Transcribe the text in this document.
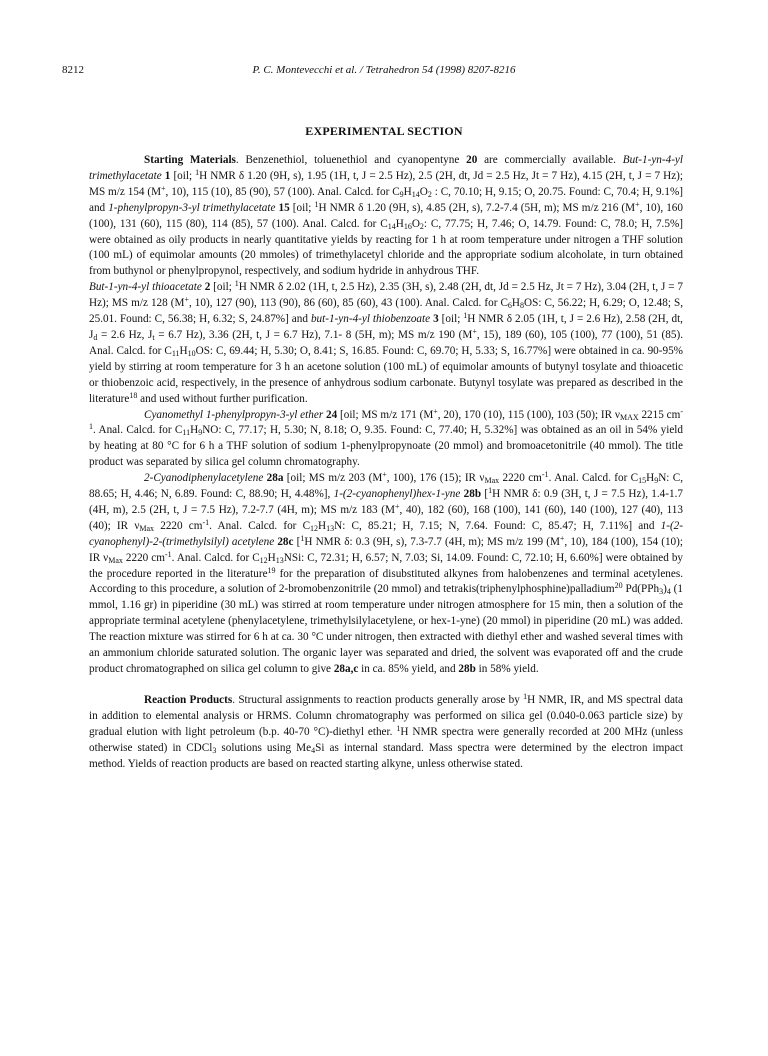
8212	P. C. Montevecchi et al. / Tetrahedron 54 (1998) 8207-8216
EXPERIMENTAL SECTION

Starting Materials. Benzenethiol, toluenethiol and cyanopentyne 20 are commercially available. But-1-yn-4-yl trimethylacetate 1 [oil; $^1$H NMR δ 1.20 (9H, s), 1.95 (1H, t, J = 2.5 Hz), 2.5 (2H, dt, Jd = 2.5 Hz, Jt = 7 Hz), 4.15 (2H, t, J = 7 Hz); MS m/z 154 (M+, 10), 115 (10), 85 (90), 57 (100). Anal. Calcd. for $C_9H_{14}O_2$ : C, 70.10; H, 9.15; O, 20.75. Found: C, 70.4; H, 9.1%] and 1-phenylpropyn-3-yl trimethylacetate 15 [oil; $^1$H NMR δ 1.20 (9H, s), 4.85 (2H, s), 7.2-7.4 (5H, m); MS m/z 216 (M+, 10), 160 (100), 131 (60), 115 (80), 114 (85), 57 (100). Anal. Calcd. for $C_{14}H_{16}O_2$: C, 77.75; H, 7.46; O, 14.79. Found: C, 78.0; H, 7.5%] were obtained as oily products in nearly quantitative yields by reacting for 1 h at room temperature under nitrogen a THF solution (100 mL) of equimolar amounts (20 mmoles) of trimethylacetyl chloride and the appropriate sodium alcoholate, in turn obtained from buthynol or phenylpropynol, respectively, and sodium hydride in anhydrous THF.

But-1-yn-4-yl thioacetate 2 [oil; $^1$H NMR δ 2.02 (1H, t, 2.5 Hz), 2.35 (3H, s), 2.48 (2H, dt, Jd = 2.5 Hz, Jt = 7 Hz), 3.04 (2H, t, J = 7 Hz); MS m/z 128 (M+, 10), 127 (90), 113 (90), 86 (60), 85 (60), 43 (100). Anal. Calcd. for $C_6H_8OS$: C, 56.22; H, 6.29; O, 12.48; S, 25.01. Found: C, 56.38; H, 6.32; S, 24.87%] and but-1-yn-4-yl thiobenzoate 3 [oil; $^1$H NMR δ 2.05 (1H, t, J = 2.6 Hz), 2.58 (2H, dt, $J_d = 2.6$ Hz, $J_t = 6.7$ Hz), 3.36 (2H, t, J = 6.7 Hz), 7.1- 8 (5H, m); MS m/z 190 (M+, 15), 189 (60), 105 (100), 77 (100), 51 (85). Anal. Calcd. for $C_{11}H_{10}OS$: C, 69.44; H, 5.30; O, 8.41; S, 16.85. Found: C, 69.70; H, 5.33; S, 16.77%] were obtained in ca. 90-95% yield by stirring at room temperature for 3 h an acetone solution (100 mL) of equimolar amounts of butynyl tosylate and thioacetic or thiobenzoic acid, respectively, in the presence of anhydrous sodium carbonate. Butynyl tosylate was prepared as described in the literature$^{18}$ and used without further purification.

Cyanomethyl 1-phenylpropyn-3-yl ether 24 [oil; MS m/z 171 (M+, 20), 170 (10), 115 (100), 103 (50); IR $\nu_{MAX}$ 2215 $cm^{-1}$. Anal. Calcd. for $C_{11}H_9NO$: C, 77.17; H, 5.30; N, 8.18; O, 9.35. Found: C, 77.40; H, 5.32%] was obtained as an oil in 54% yield by heating at 80 °C for 6 h a THF solution of sodium 1-phenylpropynoate (20 mmol) and bromoacetonitrile (40 mmol). The title product was separated by silica gel column chromatography.

2-Cyanodiphenylacetylene 28a [oil; MS m/z 203 (M+, 100), 176 (15); IR $\nu_{Max}$ 2220 $cm^{-1}$. Anal. Calcd. for $C_{15}H_9N$: C, 88.65; H, 4.46; N, 6.89. Found: C, 88.90; H, 4.48%], 1-(2-cyanophenyl)hex-1-yne 28b [$^1$H NMR δ: 0.9 (3H, t, J = 7.5 Hz), 1.4-1.7 (4H, m), 2.5 (2H, t, J = 7.5 Hz), 7.2-7.7 (4H, m); MS m/z 183 (M+, 40), 182 (60), 168 (100), 141 (60), 140 (100), 127 (40), 113 (40); IR $\nu_{Max}$ 2220 $cm^{-1}$. Anal. Calcd. for $C_{12}H_{13}N$: C, 85.21; H, 7.15; N, 7.64. Found: C, 85.47; H, 7.11%] and 1-(2-cyanophenyl)-2-(trimethylsilyl) acetylene 28c [$^1$H NMR δ: 0.3 (9H, s), 7.3-7.7 (4H, m); MS m/z 199 (M+, 10), 184 (100), 154 (10); IR $\nu_{Max}$ 2220 $cm^{-1}$. Anal. Calcd. for $C_{12}H_{13}NSi$: C, 72.31; H, 6.57; N, 7.03; Si, 14.09. Found: C, 72.10; H, 6.60%] were obtained by the procedure reported in the literature$^{19}$ for the preparation of disubstituted alkynes from halobenzenes and terminal acetylenes. According to this procedure, a solution of 2-bromobenzonitrile (20 mmol) and tetrakis(triphenylphosphine)palladium$^{20}$ $Pd(PPh_3)_4$ (1 mmol, 1.16 gr) in piperidine (30 mL) was stirred at room temperature under nitrogen atmosphere for 15 min, then a solution of the appropriate terminal acetylene (phenylacetylene, trimethylsilylacetylene, or hex-1-yne) (20 mmol) in piperidine (20 mL) was added. The reaction mixture was stirred for 6 h at ca. 30 °C under nitrogen, then extracted with diethyl ether and washed several times with an ammonium chloride saturated solution. The organic layer was separated and dried, the solvent was evaporated off and the crude product chromatographed on silica gel column to give 28a,c in ca. 85% yield, and 28b in 58% yield.

Reaction Products. Structural assignments to reaction products generally arose by $^1$H NMR, IR, and MS spectral data in addition to elemental analysis or HRMS. Column chromatography was performed on silica gel (0.040-0.063 particle size) by gradual elution with light petroleum (b.p. 40-70 °C)-diethyl ether. $^1$H NMR spectra were generally recorded at 200 MHz (unless otherwise stated) in CDCl$_3$ solutions using $Me_4Si$ as internal standard. Mass spectra were determined by the electron impact method. Yields of reaction products are based on reacted starting alkyne, unless otherwise stated.
